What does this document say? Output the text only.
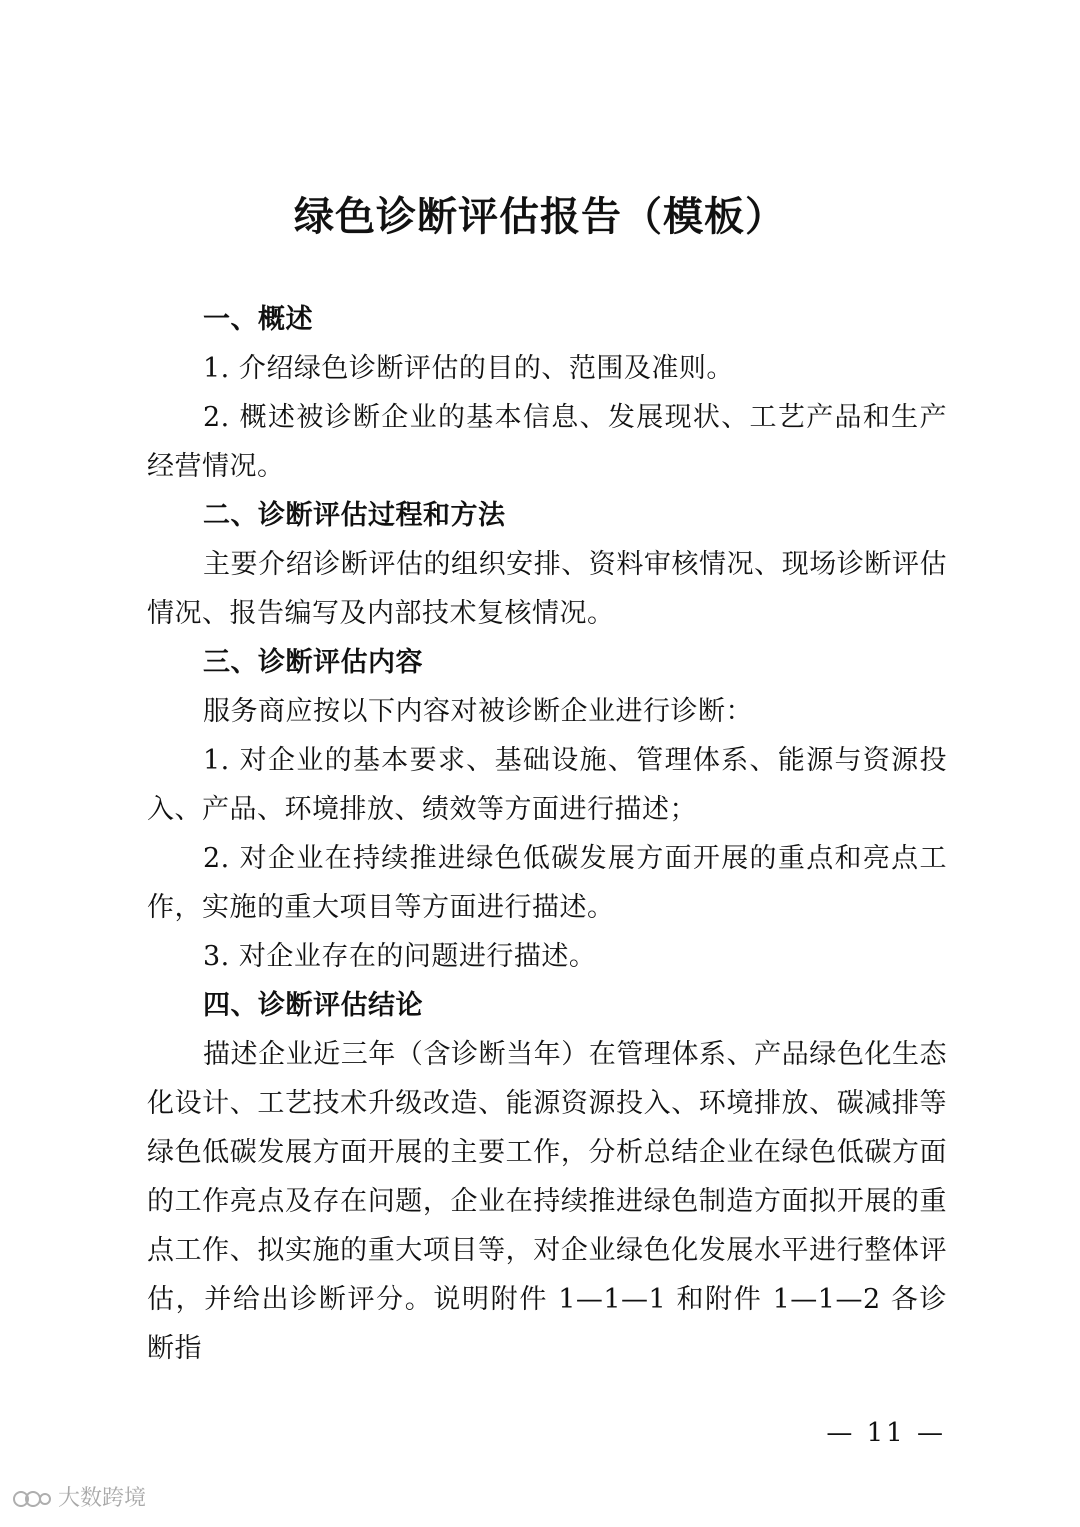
绿色诊断评估报告（模板）
一、概述

1. 介绍绿色诊断评估的目的、范围及准则。

2. 概述被诊断企业的基本信息、发展现状、工艺产品和生产经营情况。

二、诊断评估过程和方法

主要介绍诊断评估的组织安排、资料审核情况、现场诊断评估情况、报告编写及内部技术复核情况。

三、诊断评估内容

服务商应按以下内容对被诊断企业进行诊断：

1. 对企业的基本要求、基础设施、管理体系、能源与资源投入、产品、环境排放、绩效等方面进行描述；

2. 对企业在持续推进绿色低碳发展方面开展的重点和亮点工作，实施的重大项目等方面进行描述。

3. 对企业存在的问题进行描述。

四、诊断评估结论

描述企业近三年（含诊断当年）在管理体系、产品绿色化生态化设计、工艺技术升级改造、能源资源投入、环境排放、碳减排等绿色低碳发展方面开展的主要工作，分析总结企业在绿色低碳方面的工作亮点及存在问题，企业在持续推进绿色制造方面拟开展的重点工作、拟实施的重大项目等，对企业绿色化发展水平进行整体评估，并给出诊断评分。说明附件 1—1—1 和附件 1—1—2 各诊断指

— 11 —
大数跨境
